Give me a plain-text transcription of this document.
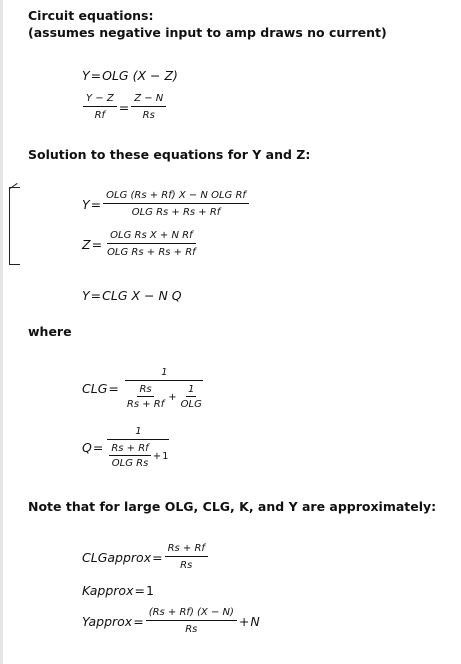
Circuit equations:
(assumes negative input to amp draws no current)
Y = OLG (X − Z)
$\frac{Y - Z}{Rf} = \frac{Z - N}{Rs}$
Solution to these equations for Y and Z:
$Y = \frac{\text{OLG (Rs + Rf) X − N OLG Rf}}{\text{OLG Rs + Rs + Rf}}$
$Z = \frac{\text{OLG Rs X + N Rf}}{\text{OLG Rs + Rs + Rf}}$
Y = CLG X − N Q
where
CLG =
1
$\frac{Rs}{Rs + Rf} + \frac{1}{\text{OLG}}$
$Q = \frac{1}{\frac{Rs + Rf}{\text{OLG Rs}} + 1}$
Note that for large OLG, CLG, K, and Y are approximately:
CLGapprox = $\frac{Rs + Rf}{Rs}$
Kapprox = 1
Yapprox = $\frac{(Rs + Rf) (X - N)}{Rs} + N$
